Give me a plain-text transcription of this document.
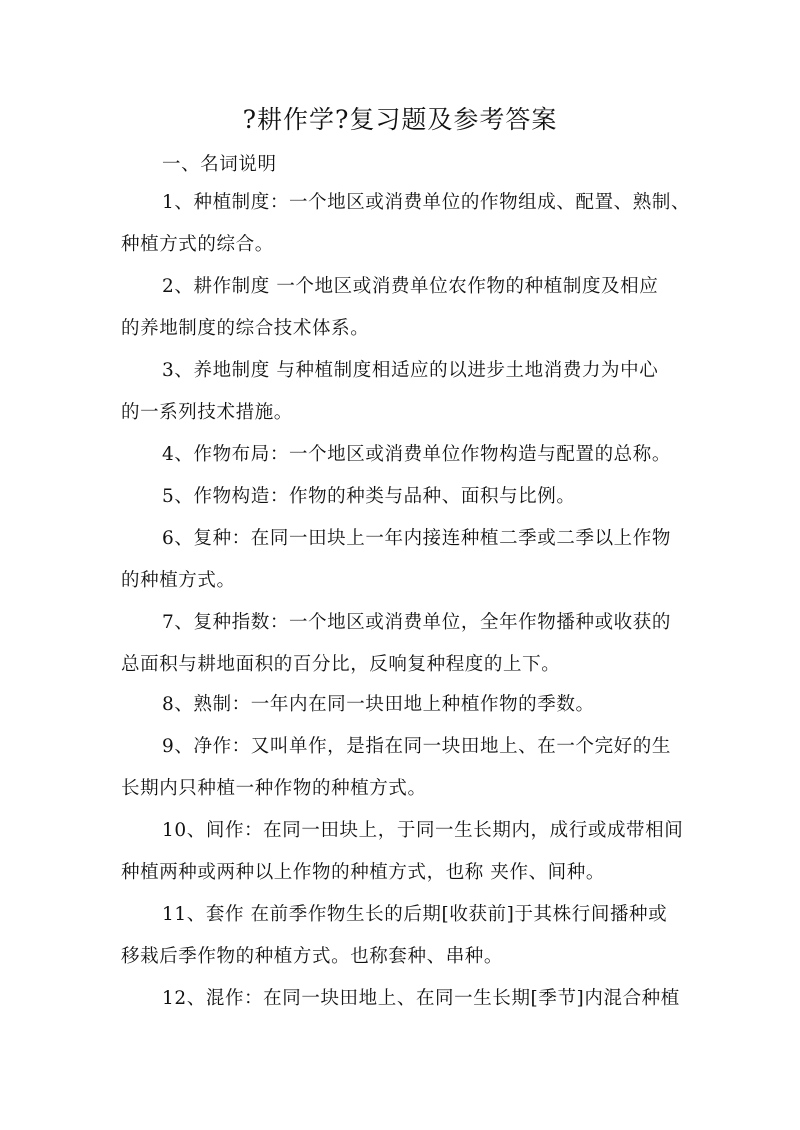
?耕作学?复习题及参考答案
一、名词说明
1、种植制度：一个地区或消费单位的作物组成、配置、熟制、
种植方式的综合。
2、耕作制度 一个地区或消费单位农作物的种植制度及相应
的养地制度的综合技术体系。
3、养地制度 与种植制度相适应的以进步土地消费力为中心
的一系列技术措施。
4、作物布局：一个地区或消费单位作物构造与配置的总称。
5、作物构造：作物的种类与品种、面积与比例。
6、复种：在同一田块上一年内接连种植二季或二季以上作物
的种植方式。
7、复种指数：一个地区或消费单位，全年作物播种或收获的
总面积与耕地面积的百分比，反响复种程度的上下。
8、熟制：一年内在同一块田地上种植作物的季数。
9、净作：又叫单作，是指在同一块田地上、在一个完好的生
长期内只种植一种作物的种植方式。
10、间作：在同一田块上，于同一生长期内，成行或成带相间
种植两种或两种以上作物的种植方式，也称 夹作、间种。
11、套作 在前季作物生长的后期[收获前]于其株行间播种或
移栽后季作物的种植方式。也称套种、串种。
12、混作：在同一块田地上、在同一生长期[季节]内混合种植
